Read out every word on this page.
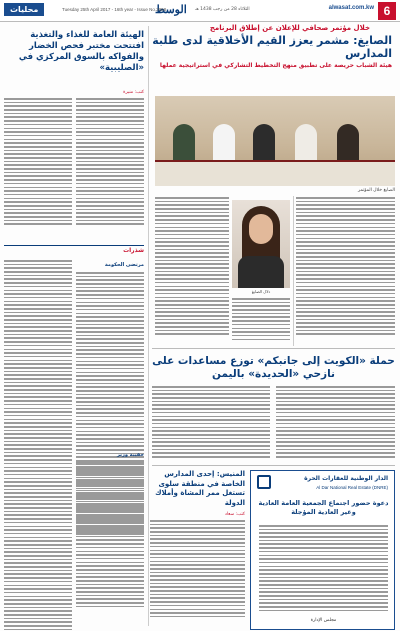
6
alwasat.com.kw
الوسط
Tuesday 25th April 2017 - 16th year - Issue No.2858	الثلاثاء 28 من رجب 1438 هـ
محليات
خلال مؤتمر صحافي للإعلان عن إطلاق البرنامج
الصايغ: مشمر يعزز القيم الأخلاقية لدى طلبة المدارس
هيئة الشباب حريصة على تطبيق منهج التخطيط التشاركي في استراتيجية عملها
الصايغ خلال المؤتمر
دلال الصايغ
الهيئة العامة للغذاء والتغذية افتتحت مختبر فحص الخضار والفواكه بالسوق المركزي في «الصليبية»
كتب: منيرة
شذرات
مرتضى الحكومة
حقيبة وزير
حملة «الكويت إلى جانبكم» توزع مساعدات على نازحي «الحديدة» باليمن
المنيس: إحدى المدارس الخاصة في منطقة سلوى تستغل ممر المشاة وأملاك الدولة
كتب: سعاد
الدار الوطنية للعقارات الحرة
Al Dar National Real Estate (DNRE)
دعوة حضور اجتماع الجمعية العامة العادية وغير العادية المؤجلة
مجلس الإدارة
